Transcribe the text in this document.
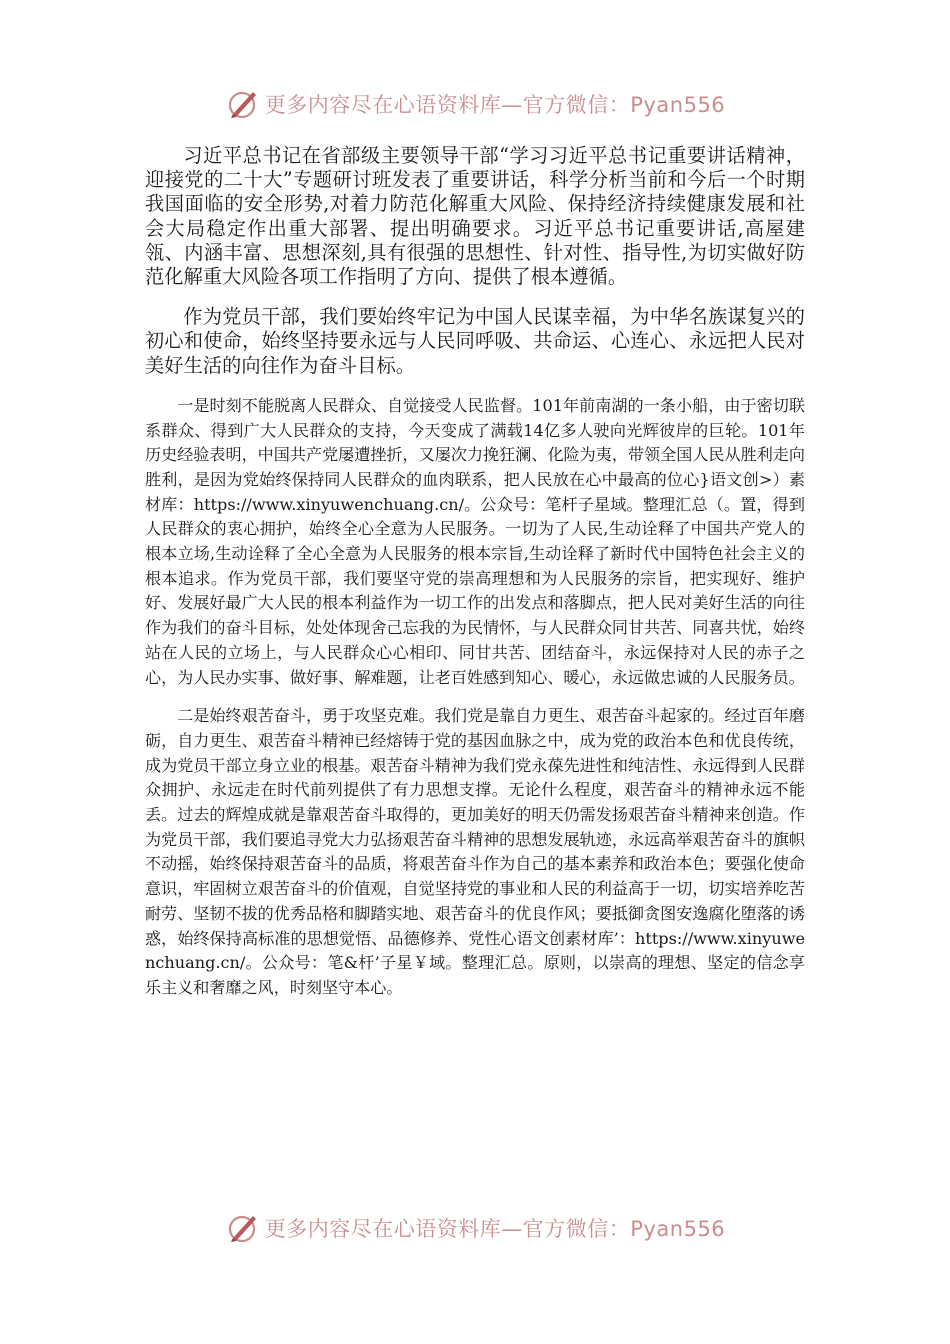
更多内容尽在心语资料库—官方微信：Pyan556

习近平总书记在省部级主要领导干部“学习习近平总书记重要讲话精神，迎接党的二十大”专题研讨班发表了重要讲话，科学分析当前和今后一个时期我国面临的安全形势,对着力防范化解重大风险、保持经济持续健康发展和社会大局稳定作出重大部署、提出明确要求。习近平总书记重要讲话,高屋建瓴、内涵丰富、思想深刻,具有很强的思想性、针对性、指导性,为切实做好防范化解重大风险各项工作指明了方向、提供了根本遵循。

作为党员干部，我们要始终牢记为中国人民谋幸福，为中华名族谋复兴的初心和使命，始终坚持要永远与人民同呼吸、共命运、心连心、永远把人民对美好生活的向往作为奋斗目标。

一是时刻不能脱离人民群众、自觉接受人民监督。101年前南湖的一条小船，由于密切联系群众、得到广大人民群众的支持，今天变成了满载14亿多人驶向光辉彼岸的巨轮。101年历史经验表明，中国共产党屡遭挫折，又屡次力挽狂澜、化险为夷，带领全国人民从胜利走向胜利，是因为党始终保持同人民群众的血肉联系，把人民放在心中最高的位心}语文创>）素材库：https://www.xinyuwenchuang.cn/。公众号：笔杆子星域。整理汇总（。置，得到人民群众的衷心拥护，始终全心全意为人民服务。一切为了人民,生动诠释了中国共产党人的根本立场,生动诠释了全心全意为人民服务的根本宗旨,生动诠释了新时代中国特色社会主义的根本追求。作为党员干部，我们要坚守党的崇高理想和为人民服务的宗旨，把实现好、维护好、发展好最广大人民的根本利益作为一切工作的出发点和落脚点，把人民对美好生活的向往作为我们的奋斗目标，处处体现舍己忘我的为民情怀，与人民群众同甘共苦、同喜共忧，始终站在人民的立场上，与人民群众心心相印、同甘共苦、团结奋斗，永远保持对人民的赤子之心，为人民办实事、做好事、解难题，让老百姓感到知心、暖心，永远做忠诚的人民服务员。

二是始终艰苦奋斗，勇于攻坚克难。我们党是靠自力更生、艰苦奋斗起家的。经过百年磨砺，自力更生、艰苦奋斗精神已经熔铸于党的基因血脉之中，成为党的政治本色和优良传统，成为党员干部立身立业的根基。艰苦奋斗精神为我们党永葆先进性和纯洁性、永远得到人民群众拥护、永远走在时代前列提供了有力思想支撑。无论什么程度，艰苦奋斗的精神永远不能丢。过去的辉煌成就是靠艰苦奋斗取得的，更加美好的明天仍需发扬艰苦奋斗精神来创造。作为党员干部，我们要追寻党大力弘扬艰苦奋斗精神的思想发展轨迹，永远高举艰苦奋斗的旗帜不动摇，始终保持艰苦奋斗的品质，将艰苦奋斗作为自己的基本素养和政治本色；要强化使命意识，牢固树立艰苦奋斗的价值观，自觉坚持党的事业和人民的利益高于一切，切实培养吃苦耐劳、坚韧不拔的优秀品格和脚踏实地、艰苦奋斗的优良作风；要抵御贪图安逸腐化堕落的诱惑，始终保持高标准的思想觉悟、品德修养、党性心语文创素材库’：https://www.xinyuwenchuang.cn/。公众号：笔&杆’子星￥域。整理汇总。原则，以崇高的理想、坚定的信念享乐主义和奢靡之风，时刻坚守本心。

更多内容尽在心语资料库—官方微信：Pyan556
